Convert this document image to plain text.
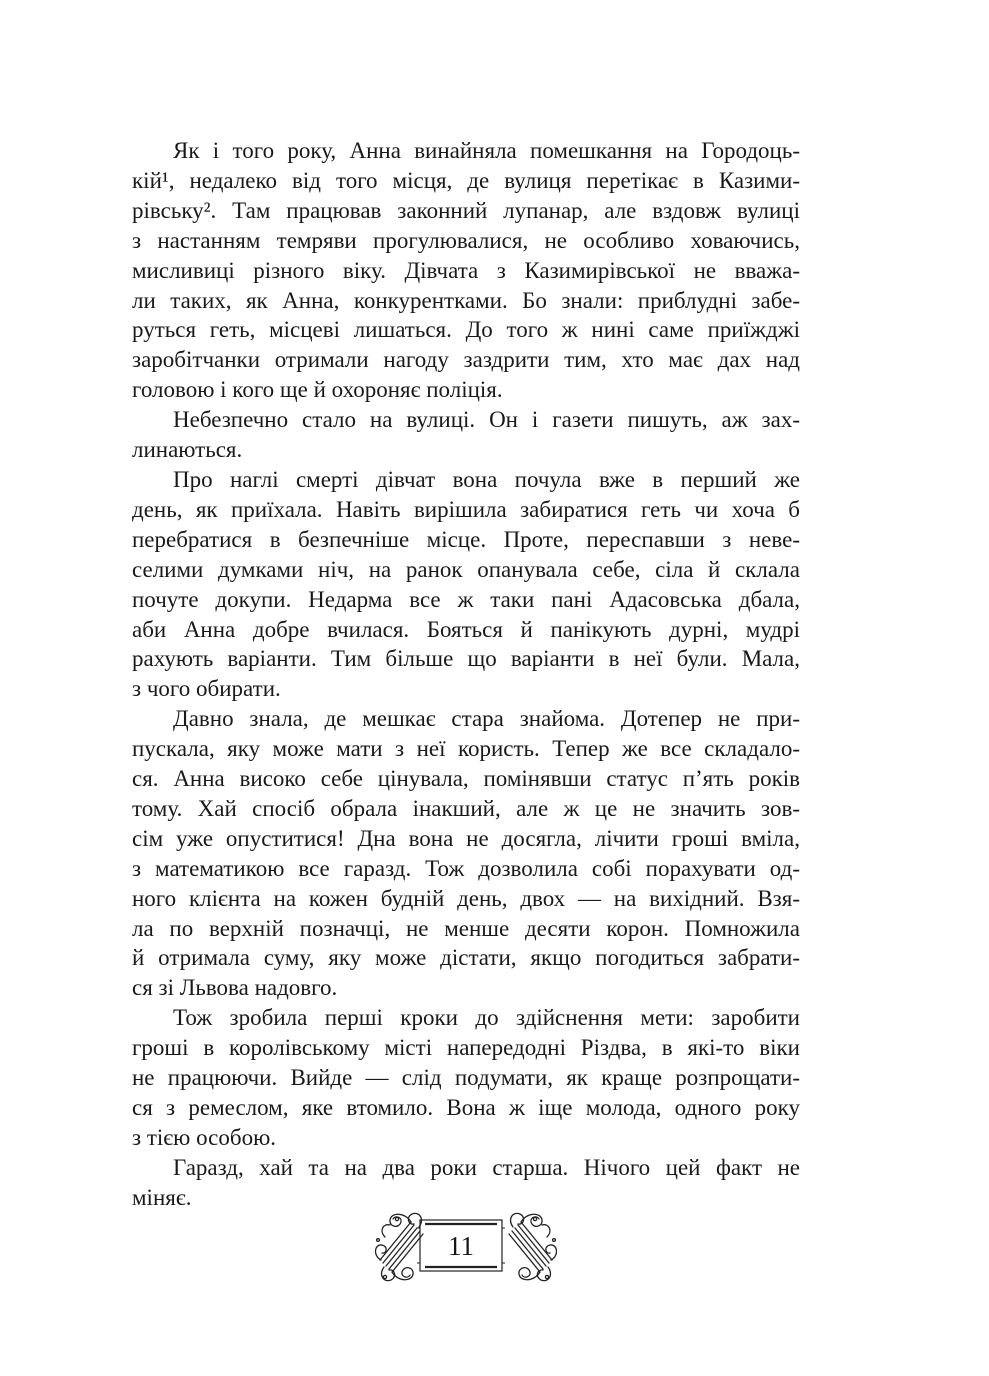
Як і того року, Анна винайняла помешкання на Городоць-
кій¹, недалеко від того місця, де вулиця перетікає в Казими-
рівську². Там працював законний лупанар, але вздовж вулиці
з настанням темряви прогулювалися, не особливо ховаючись,
мисливиці різного віку. Дівчата з Казимирівської не вважа-
ли таких, як Анна, конкурентками. Бо знали: приблудні забе-
руться геть, місцеві лишаться. До того ж нині саме приїжджі
заробітчанки отримали нагоду заздрити тим, хто має дах над
головою і кого ще й охороняє поліція.

Небезпечно стало на вулиці. Он і газети пишуть, аж зах-
линаються.

Про наглі смерті дівчат вона почула вже в перший же
день, як приїхала. Навіть вирішила забиратися геть чи хоча б
перебратися в безпечніше місце. Проте, переспавши з неве-
селими думками ніч, на ранок опанувала себе, сіла й склала
почуте докупи. Недарма все ж таки пані Адасовська дбала,
аби Анна добре вчилася. Бояться й панікують дурні, мудрі
рахують варіанти. Тим більше що варіанти в неї були. Мала,
з чого обирати.

Давно знала, де мешкає стара знайома. Дотепер не при-
пускала, яку може мати з неї користь. Тепер же все складало-
ся. Анна високо себе цінувала, помінявши статус п’ять років
тому. Хай спосіб обрала інакший, але ж це не значить зов-
сім уже опуститися! Дна вона не досягла, лічити гроші вміла,
з математикою все гаразд. Тож дозволила собі порахувати од-
ного клієнта на кожен будній день, двох — на вихідний. Взя-
ла по верхній позначці, не менше десяти корон. Помножила
й отримала суму, яку може дістати, якщо погодиться забрати-
ся зі Львова надовго.

Тож зробила перші кроки до здійснення мети: заробити
гроші в королівському місті напередодні Різдва, в які-то віки
не працюючи. Вийде — слід подумати, як краще розпрощати-
ся з ремеслом, яке втомило. Вона ж іще молода, одного року
з тією особою.

Гаразд, хай та на два роки старша. Нічого цей факт не
міняє.

11
